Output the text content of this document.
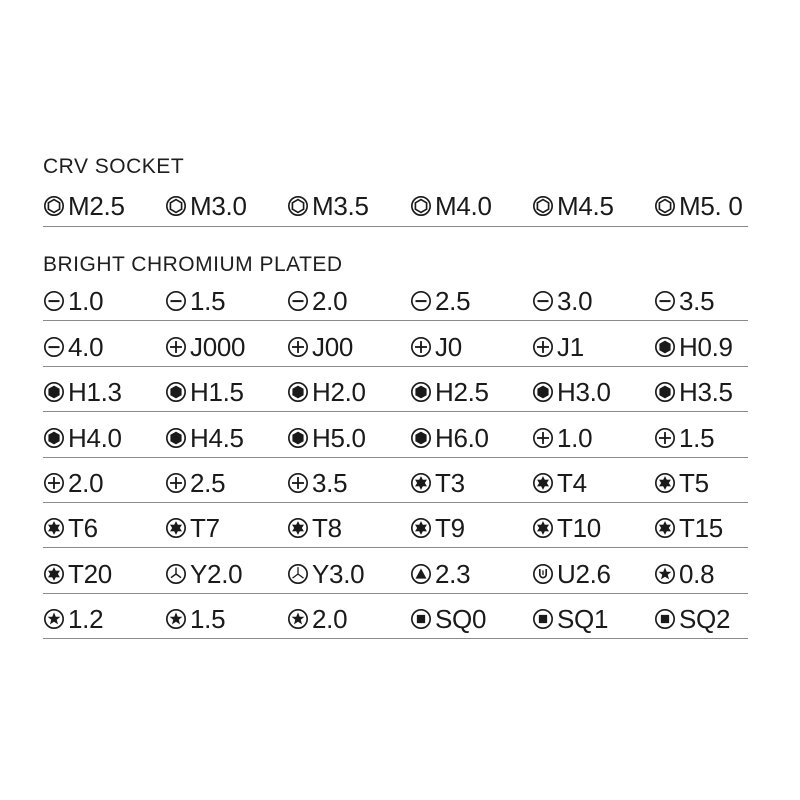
CRV SOCKET
M2.5	M3.0	M3.5	M4.0	M4.5	M5. 0
BRIGHT CHROMIUM PLATED
1.0	1.5	2.0	2.5	3.0	3.5
4.0	J000	J00	J0	J1	H0.9
H1.3	H1.5	H2.0	H2.5	H3.0	H3.5
H4.0	H4.5	H5.0	H6.0	1.0	1.5
2.0	2.5	3.5	T3	T4	T5
T6	T7	T8	T9	T10	T15
T20	Y2.0	Y3.0	2.3	U2.6	0.8
1.2	1.5	2.0	SQ0	SQ1	SQ2
